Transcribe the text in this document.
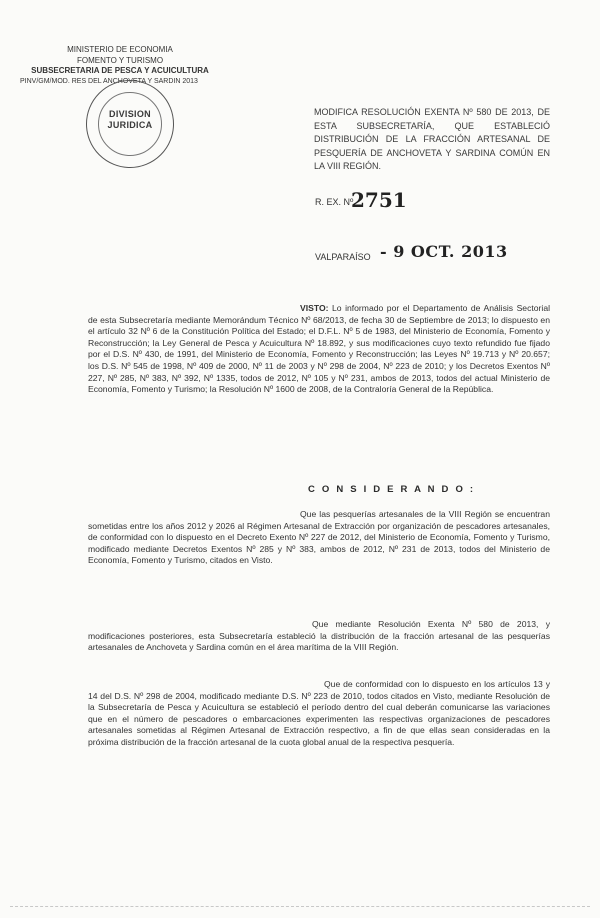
MINISTERIO DE ECONOMIA
FOMENTO Y TURISMO
SUBSECRETARIA DE PESCA Y ACUICULTURA
PINV/GM/MOD. RES DEL ANCHOVETA Y SARDIN 2013
DIVISION
JURIDICA
MODIFICA RESOLUCIÓN EXENTA Nº 580 DE 2013, DE ESTA SUBSECRETARÍA, QUE ESTABLECIÓ DISTRIBUCIÓN DE LA FRACCIÓN ARTESANAL DE PESQUERÍA DE ANCHOVETA Y SARDINA COMÚN EN LA VIII REGIÓN.
R. EX. Nº
2751
VALPARAÍSO - 9 OCT. 2013
VISTO: Lo informado por el Departamento de Análisis Sectorial de esta Subsecretaría mediante Memorándum Técnico Nº 68/2013, de fecha 30 de Septiembre de 2013; lo dispuesto en el artículo 32 Nº 6 de la Constitución Política del Estado; el D.F.L. Nº 5 de 1983, del Ministerio de Economía, Fomento y Reconstrucción; la Ley General de Pesca y Acuicultura Nº 18.892, y sus modificaciones cuyo texto refundido fue fijado por el D.S. Nº 430, de 1991, del Ministerio de Economía, Fomento y Reconstrucción; las Leyes Nº 19.713 y Nº 20.657; los D.S. Nº 545 de 1998, Nº 409 de 2000, Nº 11 de 2003 y Nº 298 de 2004, Nº 223 de 2010; y los Decretos Exentos Nº 227, Nº 285, Nº 383, Nº 392, Nº 1335, todos de 2012, Nº 105 y Nº 231, ambos de 2013, todos del actual Ministerio de Economía, Fomento y Turismo; la Resolución Nº 1600 de 2008, de la Contraloría General de la República.
C O N S I D E R A N D O :
Que las pesquerías artesanales de la VIII Región se encuentran sometidas entre los años 2012 y 2026 al Régimen Artesanal de Extracción por organización de pescadores artesanales, de conformidad con lo dispuesto en el Decreto Exento Nº 227 de 2012, del Ministerio de Economía, Fomento y Turismo, modificado mediante Decretos Exentos Nº 285 y Nº 383, ambos de 2012, Nº 231 de 2013, todos del Ministerio de Economía, Fomento y Turismo, citados en Visto.
Que mediante Resolución Exenta Nº 580 de 2013, y modificaciones posteriores, esta Subsecretaría estableció la distribución de la fracción artesanal de las pesquerías artesanales de Anchoveta y Sardina común en el área marítima de la VIII Región.
Que de conformidad con lo dispuesto en los artículos 13 y 14 del D.S. Nº 298 de 2004, modificado mediante D.S. Nº 223 de 2010, todos citados en Visto, mediante Resolución de la Subsecretaría de Pesca y Acuicultura se estableció el período dentro del cual deberán comunicarse las variaciones que en el número de pescadores o embarcaciones experimenten las respectivas organizaciones de pescadores artesanales sometidas al Régimen Artesanal de Extracción respectivo, a fin de que ellas sean consideradas en la próxima distribución de la fracción artesanal de la cuota global anual de la respectiva pesquería.
